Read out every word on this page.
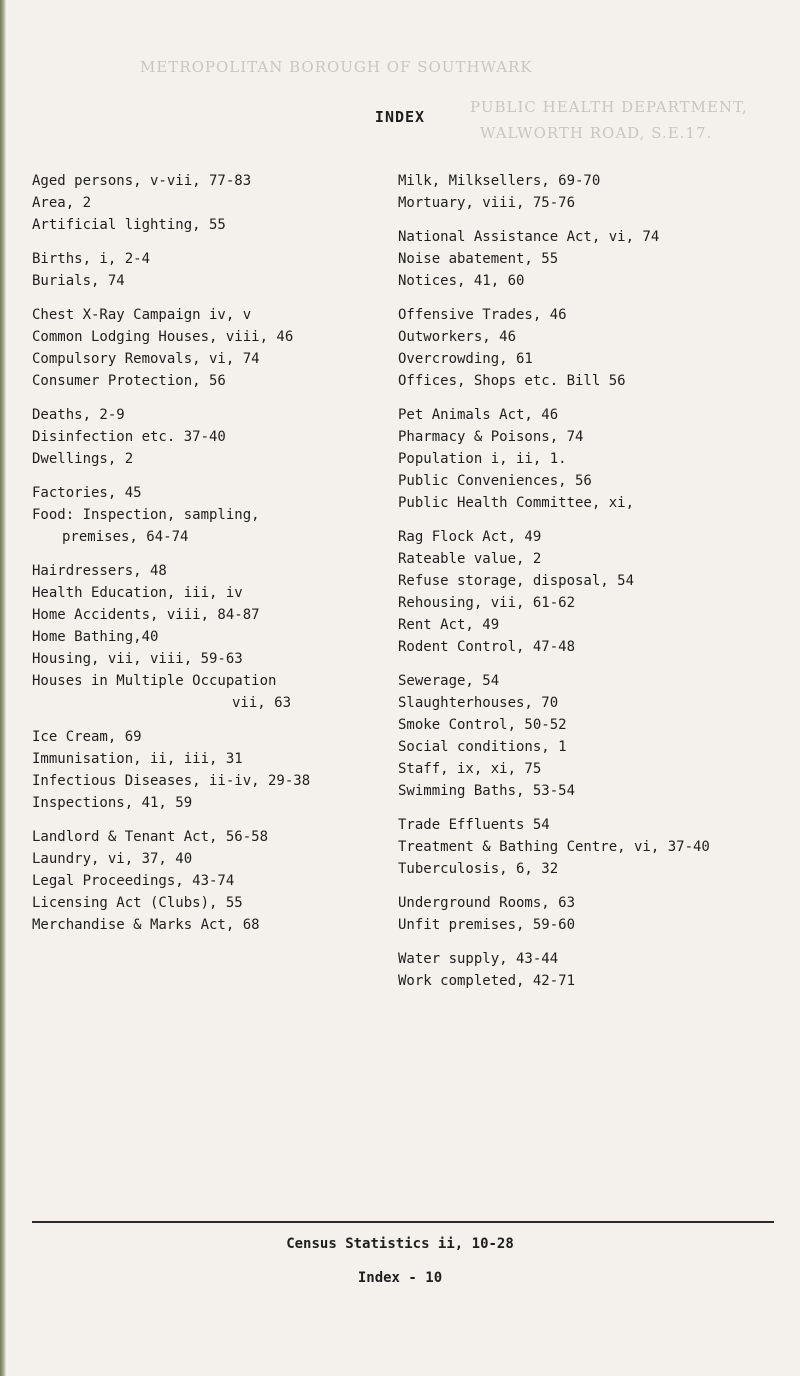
METROPOLITAN BOROUGH OF SOUTHWARK
PUBLIC HEALTH DEPARTMENT,
WALWORTH ROAD, S.E.17.
INDEX
Aged persons, v-vii, 77-83
Area, 2
Artificial lighting, 55
Births, i, 2-4
Burials, 74
Chest X-Ray Campaign iv, v
Common Lodging Houses, viii, 46
Compulsory Removals, vi, 74
Consumer Protection, 56
Deaths, 2-9
Disinfection etc. 37-40
Dwellings, 2
Factories, 45
Food: Inspection, sampling,
premises, 64-74
Hairdressers, 48
Health Education, iii, iv
Home Accidents, viii, 84-87
Home Bathing,40
Housing, vii, viii, 59-63
Houses in Multiple Occupation
vii, 63
Ice Cream, 69
Immunisation, ii, iii, 31
Infectious Diseases, ii-iv, 29-38
Inspections, 41, 59
Landlord & Tenant Act, 56-58
Laundry, vi, 37, 40
Legal Proceedings, 43-74
Licensing Act (Clubs), 55
Merchandise & Marks Act, 68
Milk, Milksellers, 69-70
Mortuary, viii, 75-76
National Assistance Act, vi, 74
Noise abatement, 55
Notices, 41, 60
Offensive Trades, 46
Outworkers, 46
Overcrowding, 61
Offices, Shops etc. Bill 56
Pet Animals Act, 46
Pharmacy & Poisons, 74
Population i, ii, 1.
Public Conveniences, 56
Public Health Committee, xi,
Rag Flock Act, 49
Rateable value, 2
Refuse storage, disposal, 54
Rehousing, vii, 61-62
Rent Act, 49
Rodent Control, 47-48
Sewerage, 54
Slaughterhouses, 70
Smoke Control, 50-52
Social conditions, 1
Staff, ix, xi, 75
Swimming Baths, 53-54
Trade Effluents 54
Treatment & Bathing Centre, vi, 37-40
Tuberculosis, 6, 32
Underground Rooms, 63
Unfit premises, 59-60
Water supply, 43-44
Work completed, 42-71
Census Statistics ii, 10-28
Index - 10
